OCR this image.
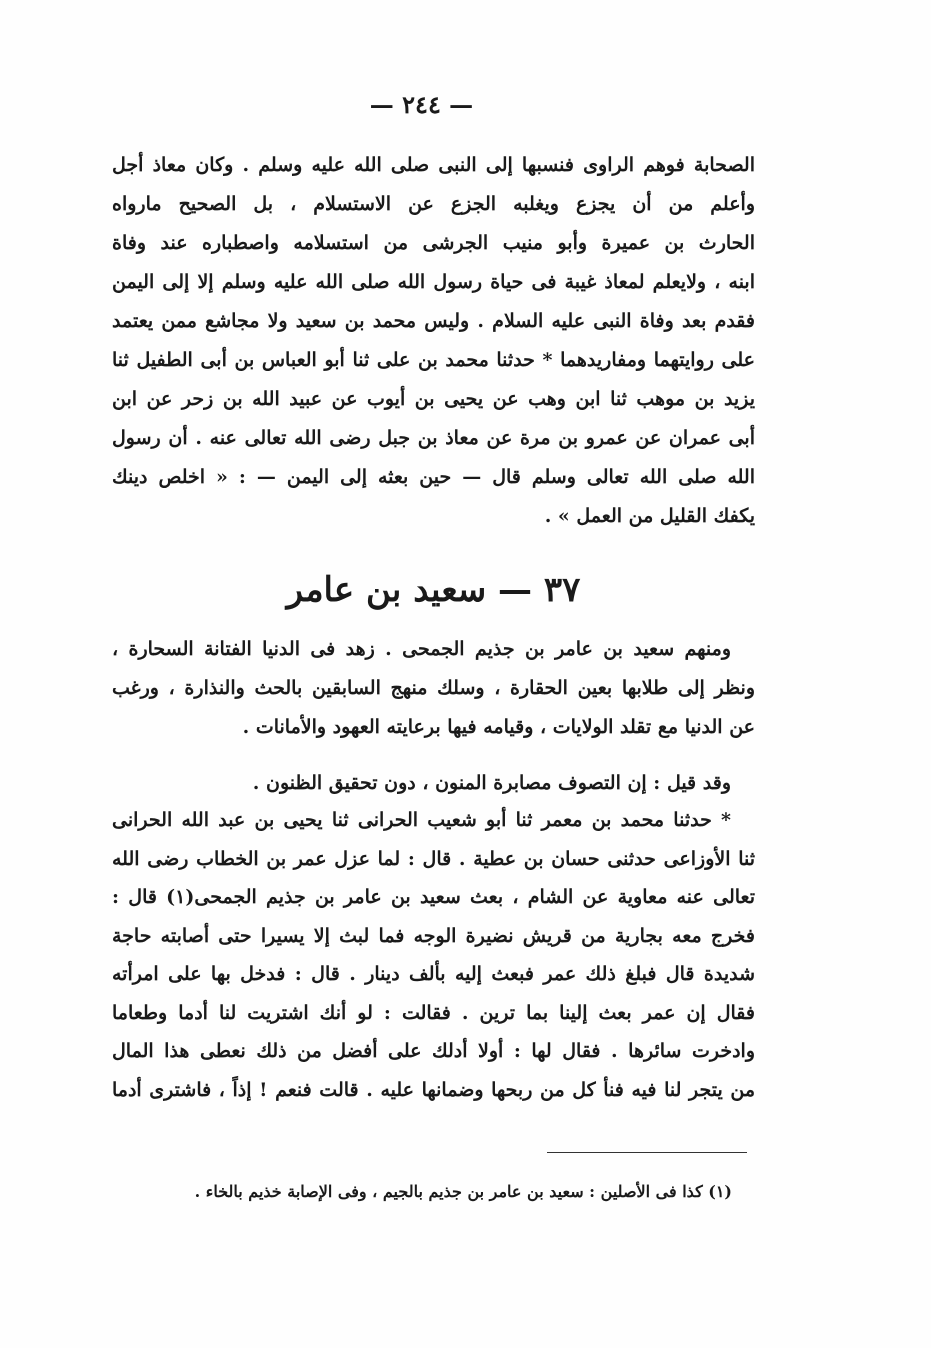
— ٢٤٤ —
الصحابة فوهم الراوى فنسبها إلى النبى صلى الله عليه وسلم . وكان معاذ أجل
وأعلم من أن يجزع ويغلبه الجزع عن الاستسلام ، بل الصحيح مارواه
الحارث بن عميرة وأبو منيب الجرشى من استسلامه واصطباره عند وفاة
ابنه ، ولايعلم لمعاذ غيبة فى حياة رسول الله صلى الله عليه وسلم إلا إلى اليمن
فقدم بعد وفاة النبى عليه السلام . وليس محمد بن سعيد ولا مجاشع ممن يعتمد
على روايتهما ومفاريدهما * حدثنا محمد بن على ثنا أبو العباس بن أبى الطفيل ثنا
يزيد بن موهب ثنا ابن وهب عن يحيى بن أيوب عن عبيد الله بن زحر عن ابن
أبى عمران عن عمرو بن مرة عن معاذ بن جبل رضى الله تعالى عنه . أن رسول
الله صلى الله تعالى وسلم قال — حين بعثه إلى اليمن — : « اخلص دينك
يكفك القليل من العمل » .
٣٧ — سعيد بن عامر
ومنهم سعيد بن عامر بن جذيم الجمحى . زهد فى الدنيا الفتانة السحارة ،
ونظر إلى طلابها بعين الحقارة ، وسلك منهج السابقين بالحث والنذارة ، ورغب
عن الدنيا مع تقلد الولايات ، وقيامه فيها برعايته العهود والأمانات .
وقد قيل : إن التصوف مصابرة المنون ، دون تحقيق الظنون .
* حدثنا محمد بن معمر ثنا أبو شعيب الحرانى ثنا يحيى بن عبد الله الحرانى
ثنا الأوزاعى حدثنى حسان بن عطية . قال : لما عزل عمر بن الخطاب رضى الله
تعالى عنه معاوية عن الشام ، بعث سعيد بن عامر بن جذيم الجمحى(١) قال :
فخرج معه بجارية من قريش نضيرة الوجه فما لبث إلا يسيرا حتى أصابته حاجة
شديدة قال فبلغ ذلك عمر فبعث إليه بألف دينار . قال : فدخل بها على امرأته
فقال إن عمر بعث إلينا بما ترين . فقالت : لو أنك اشتريت لنا أدما وطعاما
وادخرت سائرها . فقال لها : أولا أدلك على أفضل من ذلك نعطى هذا المال
من يتجر لنا فيه فنأ كل من ربحها وضمانها عليه . قالت فنعم ! إذاً ، فاشترى أدما
(١) كذا فى الأصلين : سعيد بن عامر بن جذيم بالجيم ، وفى الإصابة خذيم بالخاء .
